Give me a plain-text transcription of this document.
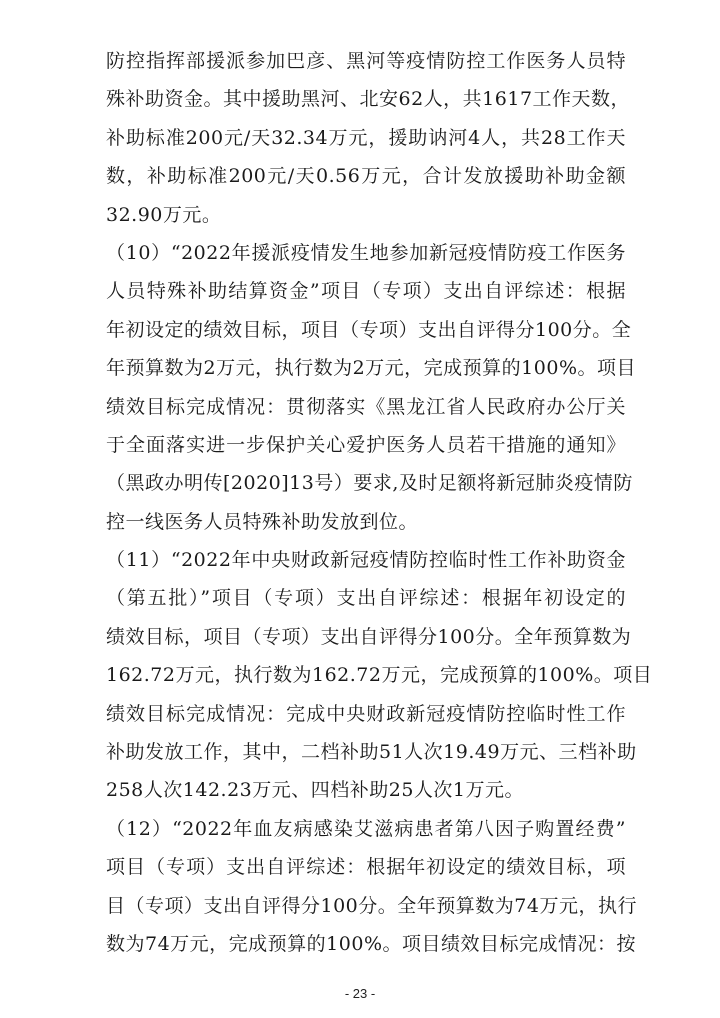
防控指挥部援派参加巴彦、黑河等疫情防控工作医务人员特
殊补助资金。其中援助黑河、北安62人，共1617工作天数，
补助标准200元/天32.34万元，援助讷河4人，共28工作天
数，补助标准200元/天0.56万元，合计发放援助补助金额
32.90万元。
（10）“2022年援派疫情发生地参加新冠疫情防疫工作医务
人员特殊补助结算资金”项目（专项）支出自评综述：根据
年初设定的绩效目标，项目（专项）支出自评得分100分。全
年预算数为2万元，执行数为2万元，完成预算的100%。项目
绩效目标完成情况：贯彻落实《黑龙江省人民政府办公厅关
于全面落实进一步保护关心爱护医务人员若干措施的通知》
（黑政办明传[2020]13号）要求,及时足额将新冠肺炎疫情防
控一线医务人员特殊补助发放到位。
（11）“2022年中央财政新冠疫情防控临时性工作补助资金
（第五批）”项目（专项）支出自评综述：根据年初设定的
绩效目标，项目（专项）支出自评得分100分。全年预算数为
162.72万元，执行数为162.72万元，完成预算的100%。项目
绩效目标完成情况：完成中央财政新冠疫情防控临时性工作
补助发放工作，其中，二档补助51人次19.49万元、三档补助
258人次142.23万元、四档补助25人次1万元。
（12）“2022年血友病感染艾滋病患者第八因子购置经费”
项目（专项）支出自评综述：根据年初设定的绩效目标，项
目（专项）支出自评得分100分。全年预算数为74万元，执行
数为74万元，完成预算的100%。项目绩效目标完成情况：按
- 23 -
